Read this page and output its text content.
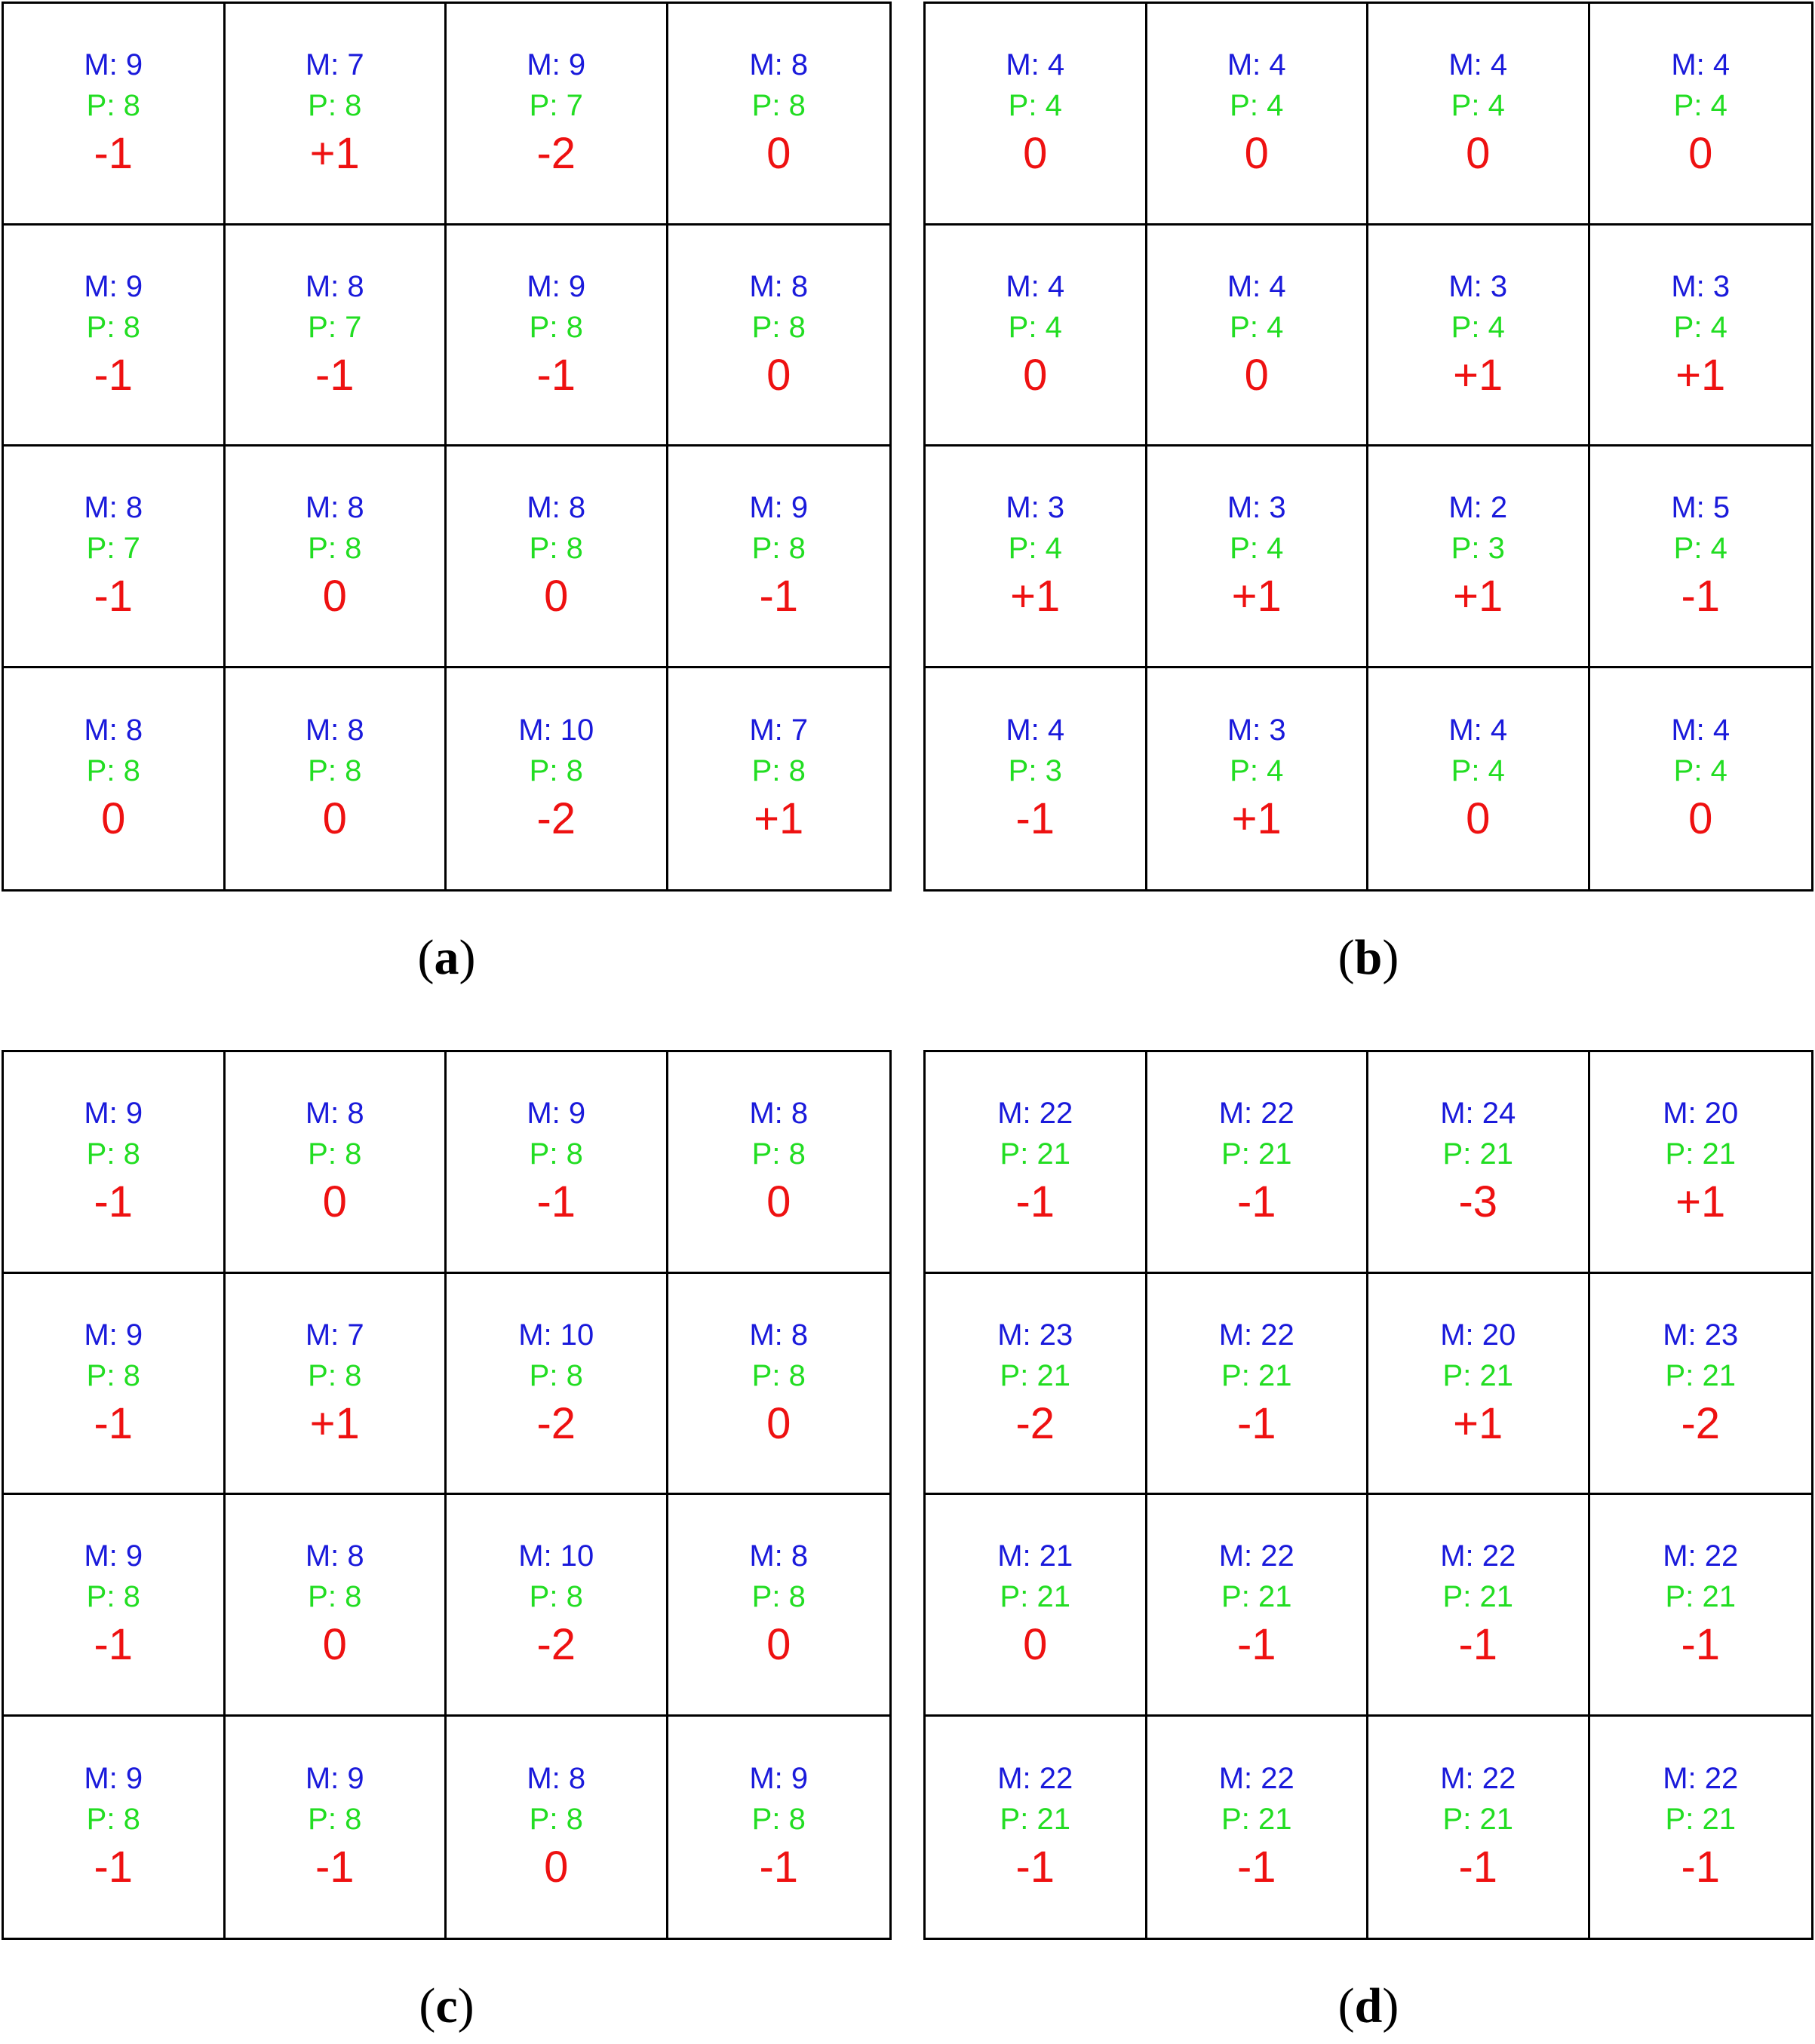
M: 9
P: 8
-1
M: 7
P: 8
+1
M: 9
P: 7
-2
M: 8
P: 8
0
M: 9
P: 8
-1
M: 8
P: 7
-1
M: 9
P: 8
-1
M: 8
P: 8
0
M: 8
P: 7
-1
M: 8
P: 8
0
M: 8
P: 8
0
M: 9
P: 8
-1
M: 8
P: 8
0
M: 8
P: 8
0
M: 10
P: 8
-2
M: 7
P: 8
+1
(a)
M: 4
P: 4
0
M: 4
P: 4
0
M: 4
P: 4
0
M: 4
P: 4
0
M: 4
P: 4
0
M: 4
P: 4
0
M: 3
P: 4
+1
M: 3
P: 4
+1
M: 3
P: 4
+1
M: 3
P: 4
+1
M: 2
P: 3
+1
M: 5
P: 4
-1
M: 4
P: 3
-1
M: 3
P: 4
+1
M: 4
P: 4
0
M: 4
P: 4
0
(b)
M: 9
P: 8
-1
M: 8
P: 8
0
M: 9
P: 8
-1
M: 8
P: 8
0
M: 9
P: 8
-1
M: 7
P: 8
+1
M: 10
P: 8
-2
M: 8
P: 8
0
M: 9
P: 8
-1
M: 8
P: 8
0
M: 10
P: 8
-2
M: 8
P: 8
0
M: 9
P: 8
-1
M: 9
P: 8
-1
M: 8
P: 8
0
M: 9
P: 8
-1
(c)
M: 22
P: 21
-1
M: 22
P: 21
-1
M: 24
P: 21
-3
M: 20
P: 21
+1
M: 23
P: 21
-2
M: 22
P: 21
-1
M: 20
P: 21
+1
M: 23
P: 21
-2
M: 21
P: 21
0
M: 22
P: 21
-1
M: 22
P: 21
-1
M: 22
P: 21
-1
M: 22
P: 21
-1
M: 22
P: 21
-1
M: 22
P: 21
-1
M: 22
P: 21
-1
(d)
